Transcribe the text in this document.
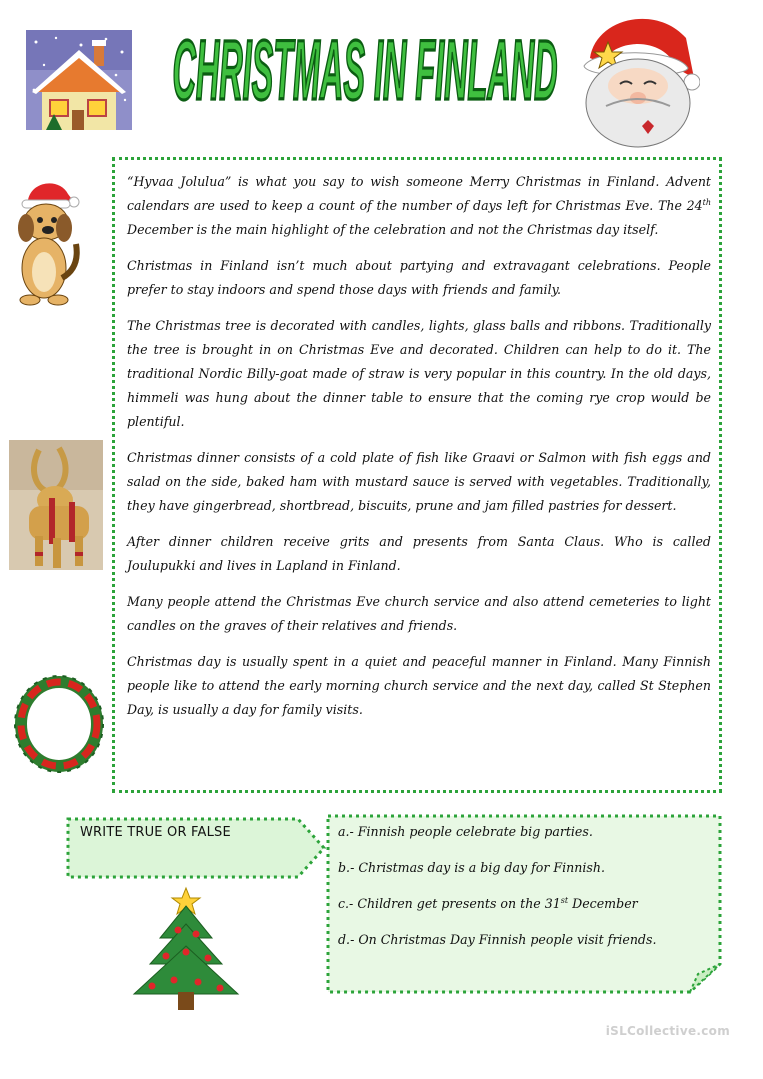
CHRISTMAS IN FINLAND

“Hyvaa Joluluа” is what you say to wish someone Merry Christmas in Finland. Advent calendars are used to keep a count of the number of days left for Christmas Eve. The 24th December is the main highlight of the celebration and not the Christmas day itself.

Christmas in Finland isn’t much about partying and extravagant celebrations. People prefer to stay indoors and spend those days with friends and family.

The Christmas tree is decorated with candles, lights, glass balls and ribbons. Traditionally the tree is brought in on Christmas Eve and decorated. Children can help to do it. The traditional Nordic Billy-goat made of straw is very popular in this country. In the old days, himmeli was hung about the dinner table to ensure that the coming rye crop would be plentiful.

Christmas dinner consists of a cold plate of fish like Graavi or Salmon with fish eggs and salad on the side, baked ham with mustard sauce is served with vegetables. Traditionally, they have gingerbread, shortbread, biscuits, prune and jam filled pastries for dessert.

After dinner children receive grits and presents from Santa Claus. Who is called Joulupukki and lives in Lapland in Finland.

Many people attend the Christmas Eve church service and also attend cemeteries to light candles on the graves of their relatives and friends.

Christmas day is usually spent in a quiet and peaceful manner in Finland. Many Finnish people like to attend the early morning church service and the next day, called St Stephen Day, is usually a day for family visits.

WRITE TRUE OR FALSE	a.- Finnish people celebrate big parties.
b.- Christmas day is a big day for Finnish.
c.- Children get presents on the 31st December
d.- On Christmas Day Finnish people visit friends.
iSLCollective.com
